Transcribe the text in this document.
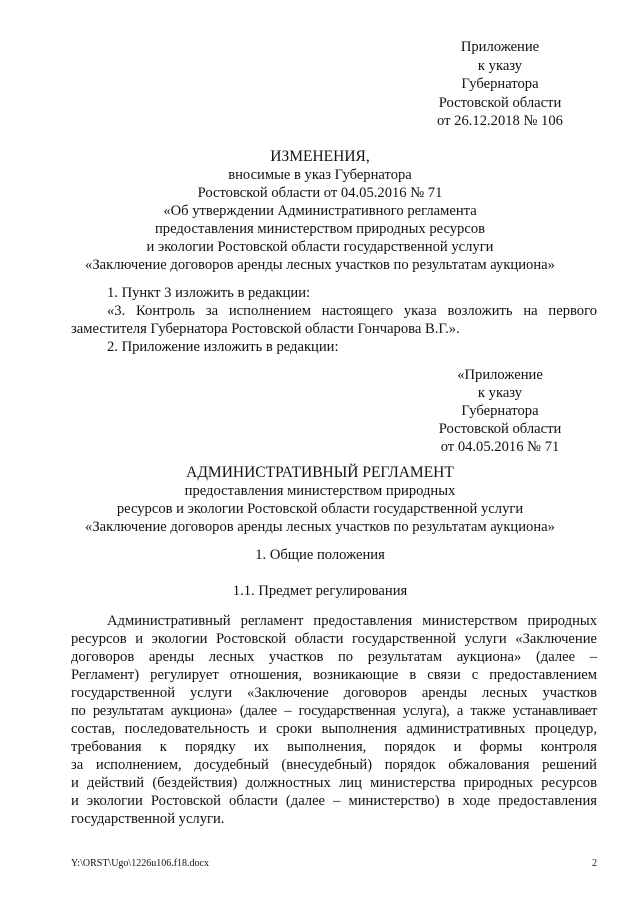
Приложение
к указу
Губернатора
Ростовской области
от 26.12.2018 № 106
ИЗМЕНЕНИЯ,
вносимые в указ Губернатора
Ростовской области от 04.05.2016 № 71
«Об утверждении Административного регламента
предоставления министерством природных ресурсов
и экологии Ростовской области государственной услуги
«Заключение договоров аренды лесных участков по результатам аукциона»
1. Пункт 3 изложить в редакции:
«3. Контроль за исполнением настоящего указа возложить на первого
заместителя Губернатора Ростовской области Гончарова В.Г.».
2. Приложение изложить в редакции:
«Приложение
к указу
Губернатора
Ростовской области
от 04.05.2016 № 71
АДМИНИСТРАТИВНЫЙ РЕГЛАМЕНТ
предоставления министерством природных
ресурсов и экологии Ростовской области государственной услуги
«Заключение договоров аренды лесных участков по результатам аукциона»
1. Общие положения
1.1. Предмет регулирования
Административный регламент предоставления министерством природных
ресурсов и экологии Ростовской области государственной услуги «Заключение
договоров аренды лесных участков по результатам аукциона» (далее –
Регламент) регулирует отношения, возникающие в связи с предоставлением
государственной услуги «Заключение договоров аренды лесных участков
по результатам аукциона» (далее – государственная услуга), а также устанавливает
состав, последовательность и сроки выполнения административных процедур,
требования к порядку их выполнения, порядок и формы контроля
за исполнением, досудебный (внесудебный) порядок обжалования решений
и действий (бездействия) должностных лиц министерства природных ресурсов
и экологии Ростовской области (далее – министерство) в ходе предоставления
государственной услуги.
Y:\ORST\Ugo\1226u106.f18.docx	2
